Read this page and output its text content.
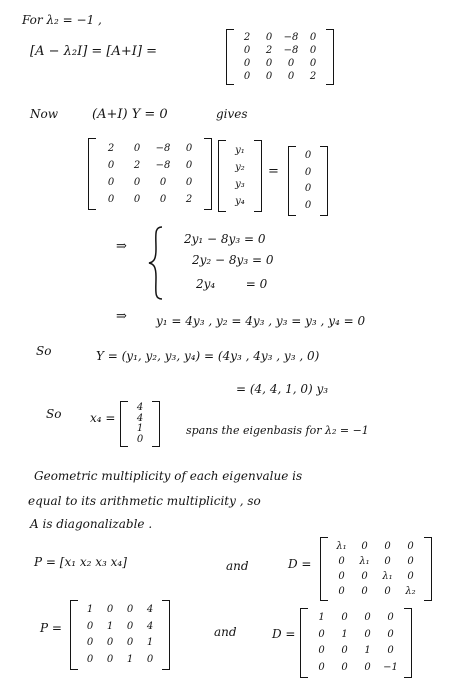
For λ₂ = −1 ,
[A − λ₂I] = [A+I] =
2	0	−8	0
0	2	−8	0
0	0	0	0
0	0	0	2
Now	(A+I) Y = 0	gives
2	0	−8	0
0	2	−8	0
0	0	0	0
0	0	0	2
y₁
y₂
y₃
y₄
=
0
0
0
0
⇒	2y₁ − 8y₃ = 0
2y₂ − 8y₃ = 0
2y₄        = 0
⇒ y₁ = 4y₃ , y₂ = 4y₃ , y₃ = y₃ , y₄ = 0
So	Y = (y₁, y₂, y₃, y₄) = (4y₃ , 4y₃ , y₃ , 0)
= (4, 4, 1, 0) y₃
So x₄ =
4
4
1
0
spans the eigenbasis for λ₂ = −1
Geometric multiplicity of each eigenvalue is
equal to its arithmetic multiplicity , so
A is diagonalizable .
P = [x₁ x₂ x₃ x₄]	and	D =
λ₁	0	0	0
0	λ₁	0	0
0	0	λ₁	0
0	0	0	λ₂
P =
1	0	0	4
0	1	0	4
0	0	0	1
0	0	1	0
and	D =
1	0	0	0
0	1	0	0
0	0	1	0
0	0	0	−1
